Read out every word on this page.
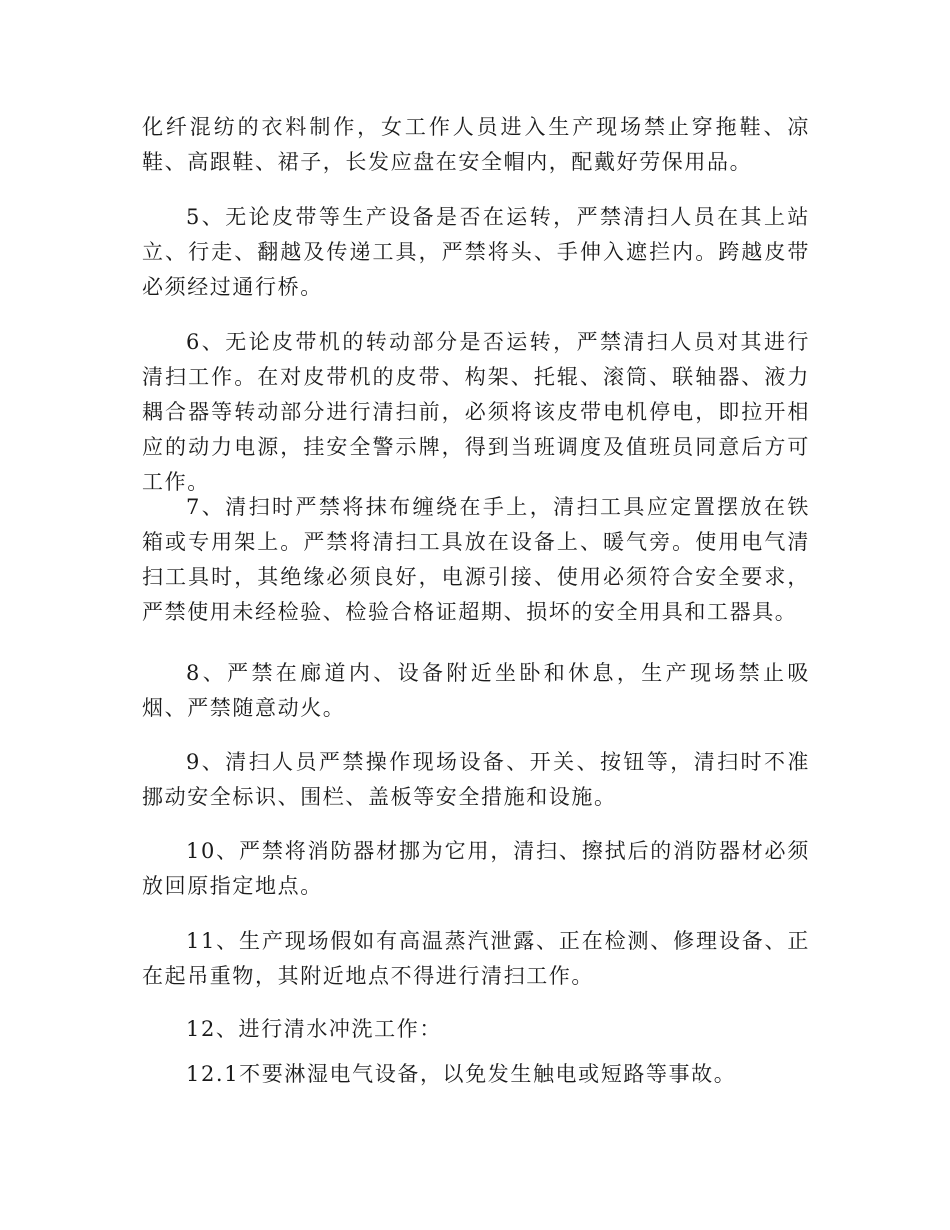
化纤混纺的衣料制作，女工作人员进入生产现场禁止穿拖鞋、凉鞋、高跟鞋、裙子，长发应盘在安全帽内，配戴好劳保用品。

5、无论皮带等生产设备是否在运转，严禁清扫人员在其上站立、行走、翻越及传递工具，严禁将头、手伸入遮拦内。跨越皮带必须经过通行桥。

6、无论皮带机的转动部分是否运转，严禁清扫人员对其进行清扫工作。在对皮带机的皮带、构架、托辊、滚筒、联轴器、液力耦合器等转动部分进行清扫前，必须将该皮带电机停电，即拉开相应的动力电源，挂安全警示牌，得到当班调度及值班员同意后方可工作。

7、清扫时严禁将抹布缠绕在手上，清扫工具应定置摆放在铁箱或专用架上。严禁将清扫工具放在设备上、暖气旁。使用电气清扫工具时，其绝缘必须良好，电源引接、使用必须符合安全要求，严禁使用未经检验、检验合格证超期、损坏的安全用具和工器具。

8、严禁在廊道内、设备附近坐卧和休息，生产现场禁止吸烟、严禁随意动火。

9、清扫人员严禁操作现场设备、开关、按钮等，清扫时不准挪动安全标识、围栏、盖板等安全措施和设施。

10、严禁将消防器材挪为它用，清扫、擦拭后的消防器材必须放回原指定地点。

11、生产现场假如有高温蒸汽泄露、正在检测、修理设备、正在起吊重物，其附近地点不得进行清扫工作。

12、进行清水冲洗工作：

12.1不要淋湿电气设备，以免发生触电或短路等事故。
